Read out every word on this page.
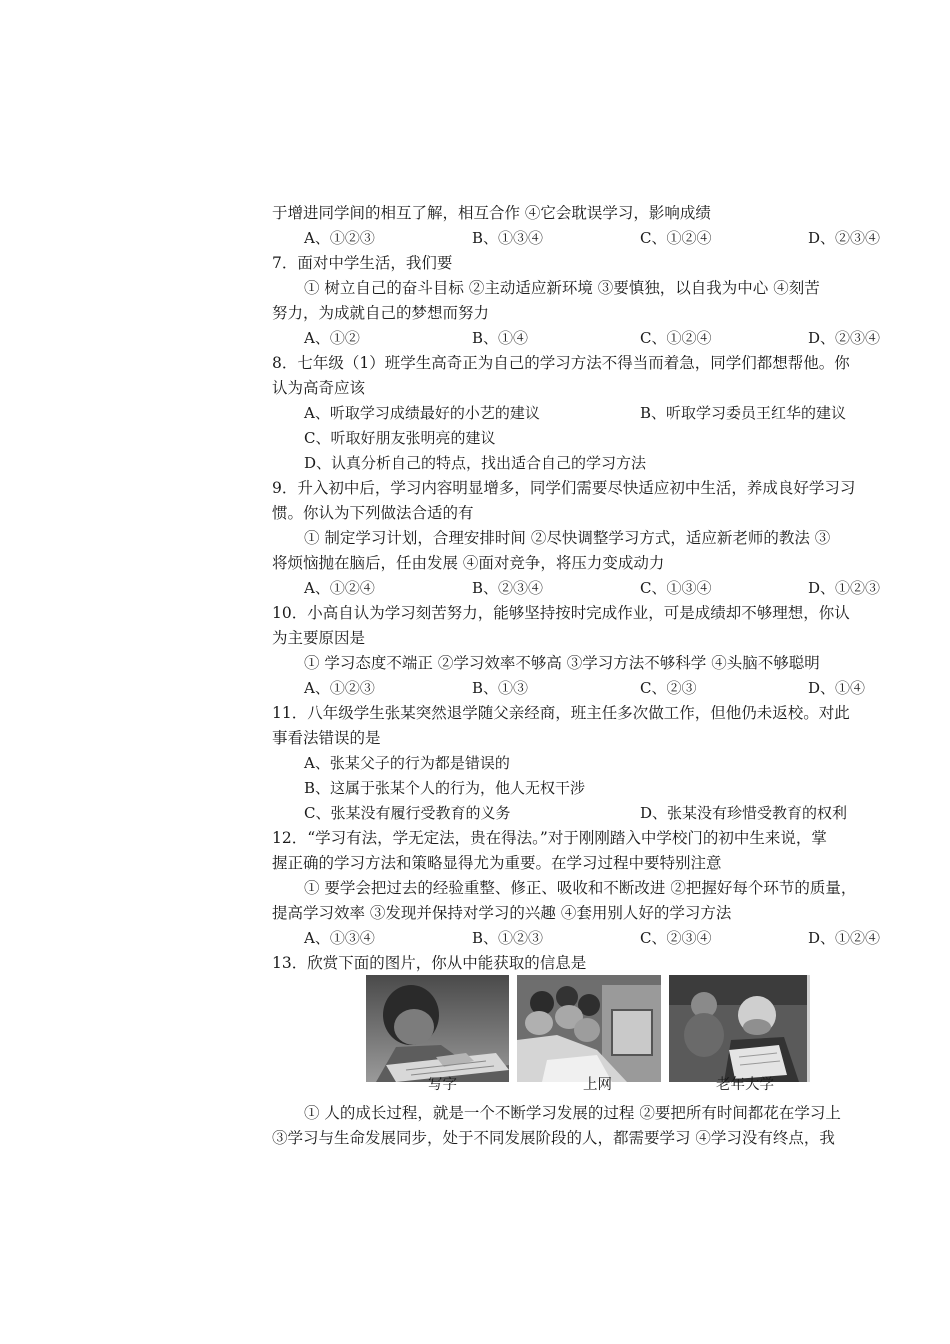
于增进同学间的相互了解，相互合作 ④它会耽误学习，影响成绩
A、①②③	B、①③④	C、①②④	D、②③④
7．面对中学生活，我们要
① 树立自己的奋斗目标 ②主动适应新环境 ③要慎独，以自我为中心 ④刻苦
努力，为成就自己的梦想而努力
A、①②	B、①④	C、①②④	D、②③④
8．七年级（1）班学生高奇正为自己的学习方法不得当而着急，同学们都想帮他。你
认为高奇应该
A、听取学习成绩最好的小艺的建议	B、听取学习委员王红华的建议
C、听取好朋友张明亮的建议
D、认真分析自己的特点，找出适合自己的学习方法
9．升入初中后，学习内容明显增多，同学们需要尽快适应初中生活，养成良好学习习
惯。你认为下列做法合适的有
① 制定学习计划，合理安排时间 ②尽快调整学习方式，适应新老师的教法 ③
将烦恼抛在脑后，任由发展 ④面对竞争，将压力变成动力
A、①②④	B、②③④	C、①③④	D、①②③
10．小高自认为学习刻苦努力，能够坚持按时完成作业，可是成绩却不够理想，你认
为主要原因是
① 学习态度不端正 ②学习效率不够高 ③学习方法不够科学 ④头脑不够聪明
A、①②③	B、①③	C、②③	D、①④
11．八年级学生张某突然退学随父亲经商，班主任多次做工作，但他仍未返校。对此
事看法错误的是
A、张某父子的行为都是错误的
B、这属于张某个人的行为，他人无权干涉
C、张某没有履行受教育的义务	D、张某没有珍惜受教育的权利
12．“学习有法，学无定法，贵在得法。”对于刚刚踏入中学校门的初中生来说，掌
握正确的学习方法和策略显得尤为重要。在学习过程中要特别注意
① 要学会把过去的经验重整、修正、吸收和不断改进 ②把握好每个环节的质量，
提高学习效率 ③发现并保持对学习的兴趣 ④套用别人好的学习方法
A、①③④	B、①②③	C、②③④	D、①②④
13．欣赏下面的图片，你从中能获取的信息是
写字	上网	老年大学
① 人的成长过程，就是一个不断学习发展的过程 ②要把所有时间都花在学习上
③学习与生命发展同步，处于不同发展阶段的人，都需要学习 ④学习没有终点，我
